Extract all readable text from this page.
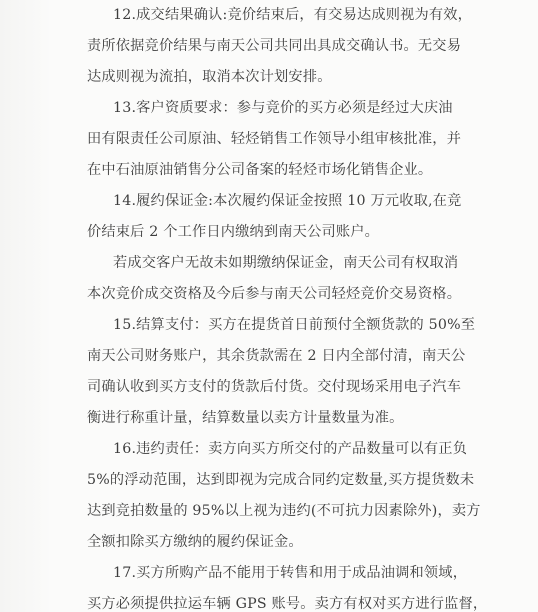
12.成交结果确认:竞价结束后，有交易达成则视为有效，
责所依据竞价结果与南天公司共同出具成交确认书。无交易
达成则视为流拍，取消本次计划安排。
13.客户资质要求：参与竞价的买方必须是经过大庆油
田有限责任公司原油、轻烃销售工作领导小组审核批准，并
在中石油原油销售分公司备案的轻烃市场化销售企业。
14.履约保证金:本次履约保证金按照 10 万元收取,在竞
价结束后 2 个工作日内缴纳到南天公司账户。
若成交客户无故未如期缴纳保证金，南天公司有权取消
本次竞价成交资格及今后参与南天公司轻烃竞价交易资格。
15.结算支付：买方在提货首日前预付全额货款的 50%至
南天公司财务账户，其余货款需在 2 日内全部付清，南天公
司确认收到买方支付的货款后付货。交付现场采用电子汽车
衡进行称重计量，结算数量以卖方计量数量为准。
16.违约责任：卖方向买方所交付的产品数量可以有正负
5%的浮动范围，达到即视为完成合同约定数量,买方提货数未
达到竞拍数量的 95%以上视为违约(不可抗力因素除外)，卖方
全额扣除买方缴纳的履约保证金。
17.买方所购产品不能用于转售和用于成品油调和领域，
买方必须提供拉运车辆 GPS 账号。卖方有权对买方进行监督，
